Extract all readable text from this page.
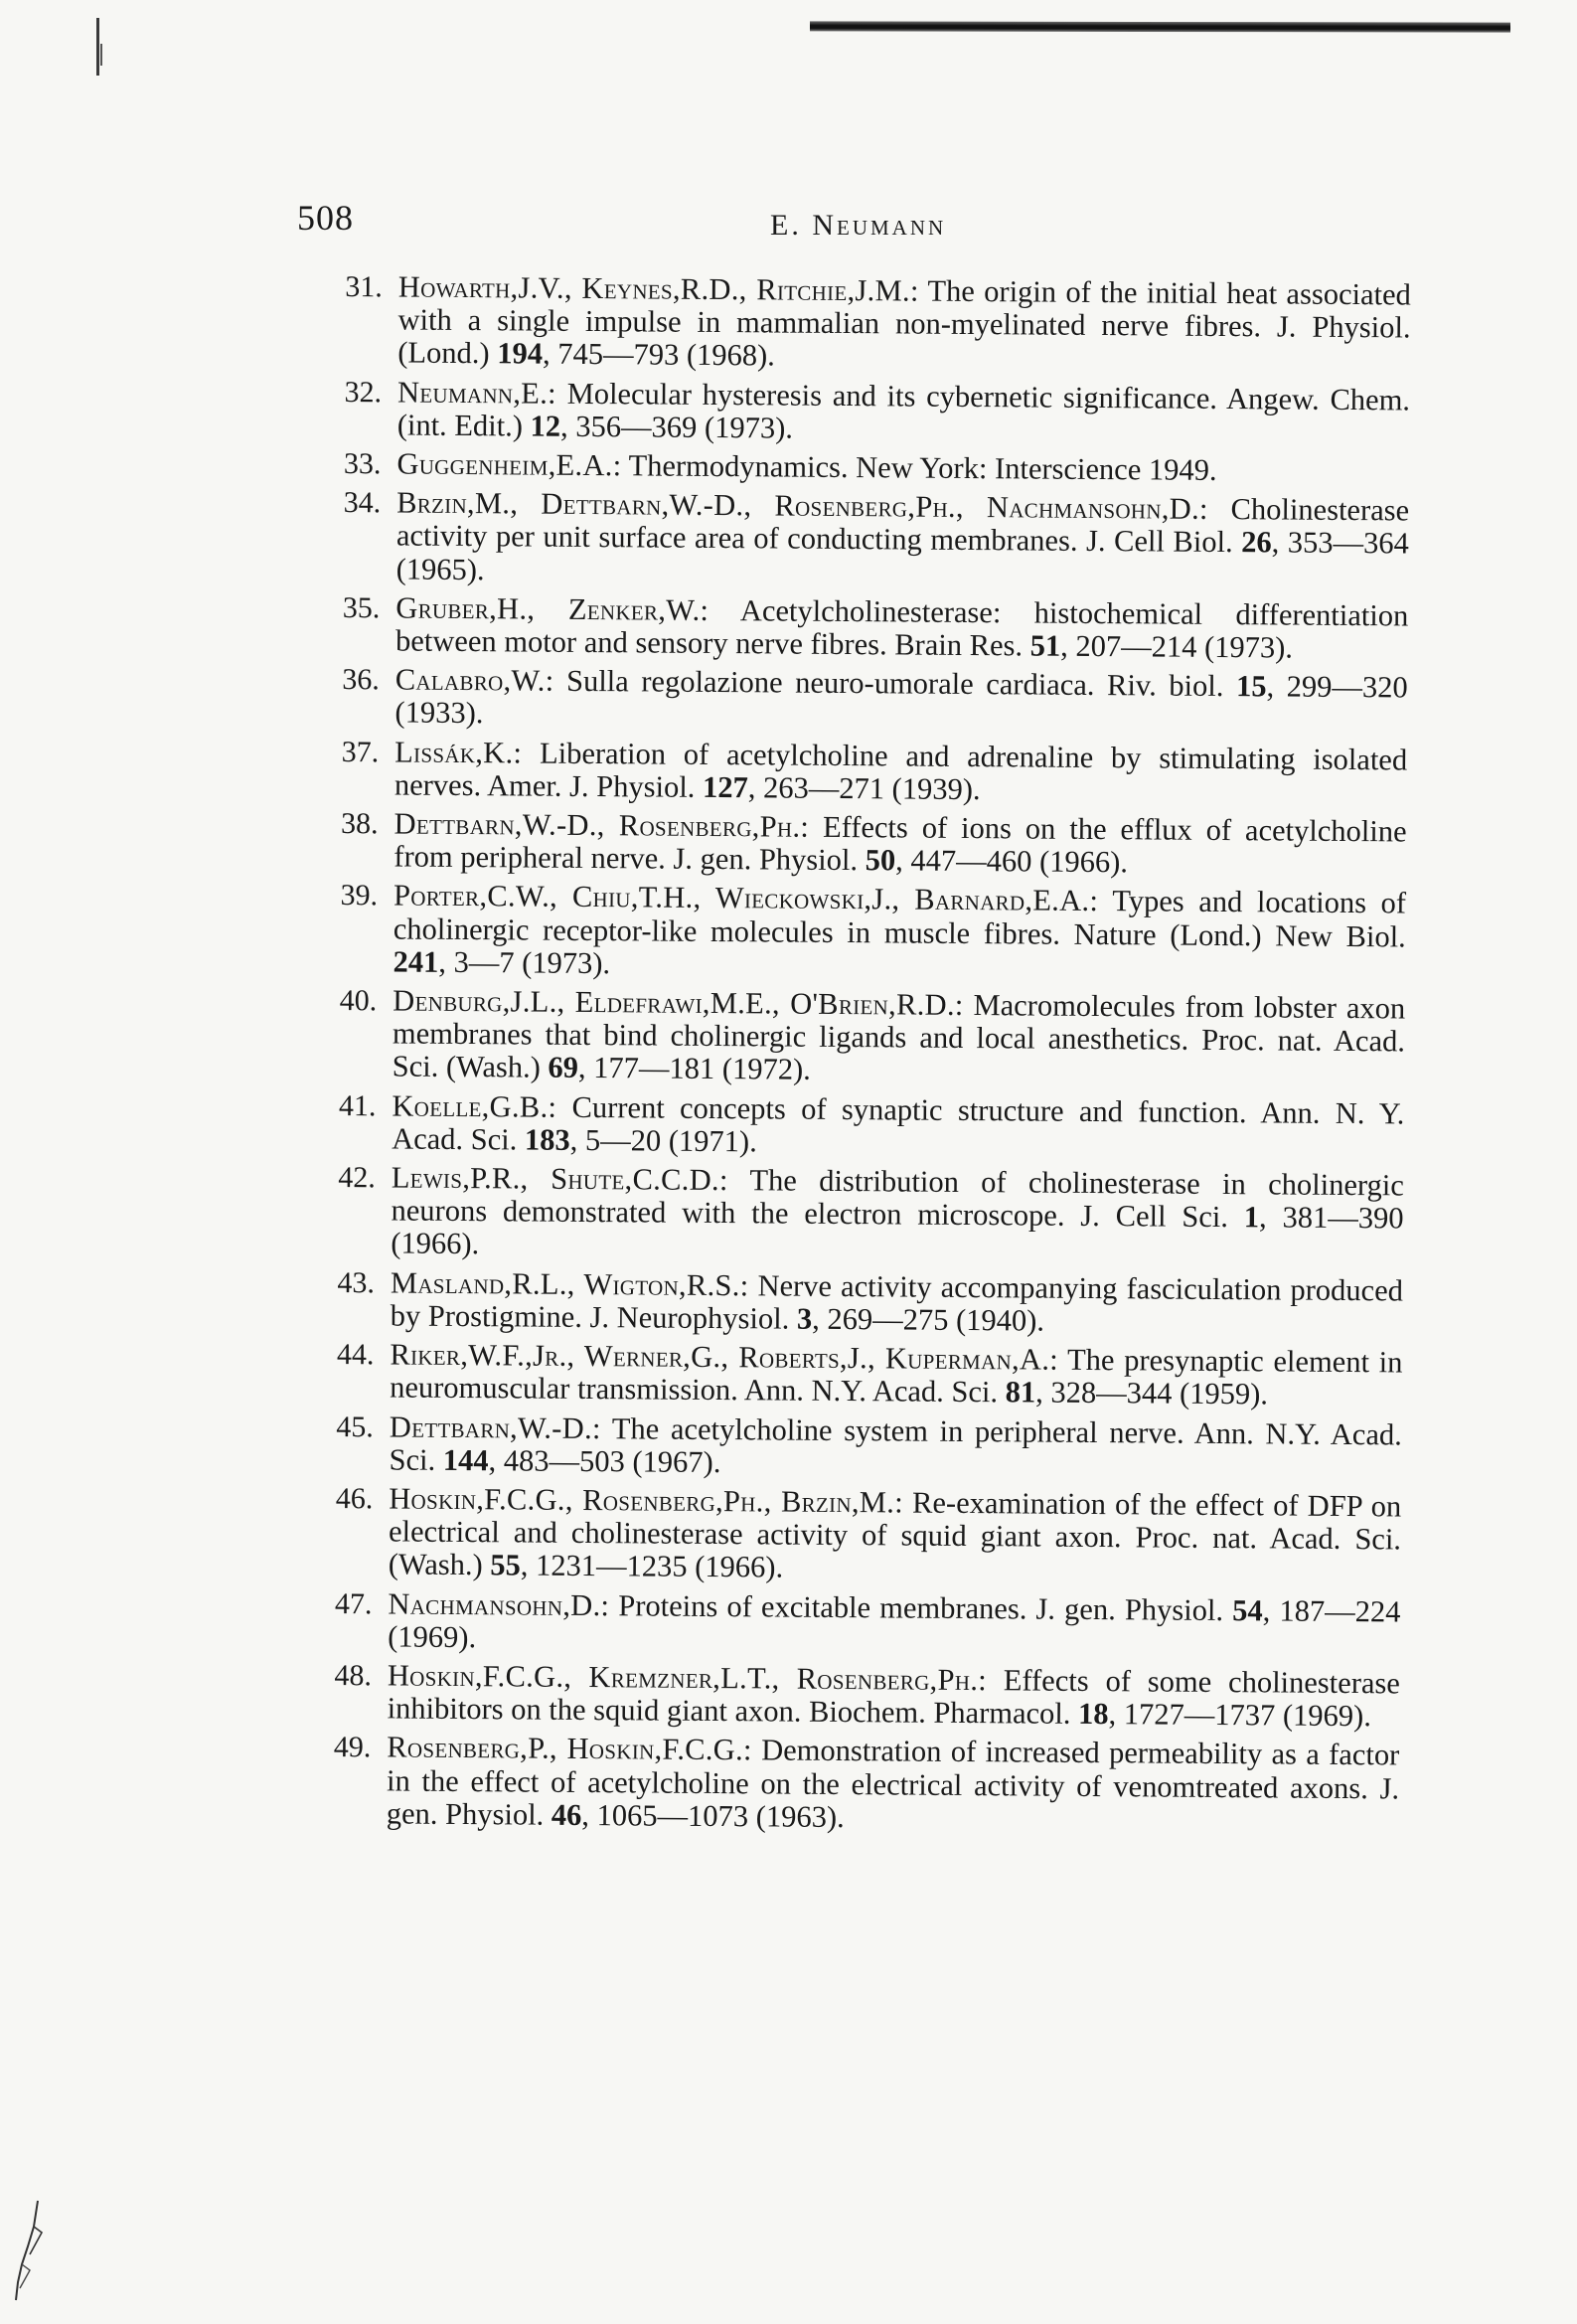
508	E. Neumann
31. Howarth,J.V., Keynes,R.D., Ritchie,J.M.: The origin of the initial heat associated with a single impulse in mammalian non-myelinated nerve fibres. J. Physiol. (Lond.) 194, 745—793 (1968).
32. Neumann,E.: Molecular hysteresis and its cybernetic significance. Angew. Chem. (int. Edit.) 12, 356—369 (1973).
33. Guggenheim,E.A.: Thermodynamics. New York: Interscience 1949.
34. Brzin,M., Dettbarn,W.-D., Rosenberg,Ph., Nachmansohn,D.: Cholinesterase activity per unit surface area of conducting membranes. J. Cell Biol. 26, 353—364 (1965).
35. Gruber,H., Zenker,W.: Acetylcholinesterase: histochemical differentiation between motor and sensory nerve fibres. Brain Res. 51, 207—214 (1973).
36. Calabro,W.: Sulla regolazione neuro-umorale cardiaca. Riv. biol. 15, 299—320 (1933).
37. Lissák,K.: Liberation of acetylcholine and adrenaline by stimulating isolated nerves. Amer. J. Physiol. 127, 263—271 (1939).
38. Dettbarn,W.-D., Rosenberg,Ph.: Effects of ions on the efflux of acetylcholine from peripheral nerve. J. gen. Physiol. 50, 447—460 (1966).
39. Porter,C.W., Chiu,T.H., Wieckowski,J., Barnard,E.A.: Types and locations of cholinergic receptor-like molecules in muscle fibres. Nature (Lond.) New Biol. 241, 3—7 (1973).
40. Denburg,J.L., Eldefrawi,M.E., O'Brien,R.D.: Macromolecules from lobster axon membranes that bind cholinergic ligands and local anesthetics. Proc. nat. Acad. Sci. (Wash.) 69, 177—181 (1972).
41. Koelle,G.B.: Current concepts of synaptic structure and function. Ann. N. Y. Acad. Sci. 183, 5—20 (1971).
42. Lewis,P.R., Shute,C.C.D.: The distribution of cholinesterase in cholinergic neurons demonstrated with the electron microscope. J. Cell Sci. 1, 381—390 (1966).
43. Masland,R.L., Wigton,R.S.: Nerve activity accompanying fasciculation produced by Prostigmine. J. Neurophysiol. 3, 269—275 (1940).
44. Riker,W.F.,Jr., Werner,G., Roberts,J., Kuperman,A.: The presynaptic element in neuromuscular transmission. Ann. N.Y. Acad. Sci. 81, 328—344 (1959).
45. Dettbarn,W.-D.: The acetylcholine system in peripheral nerve. Ann. N.Y. Acad. Sci. 144, 483—503 (1967).
46. Hoskin,F.C.G., Rosenberg,Ph., Brzin,M.: Re-examination of the effect of DFP on electrical and cholinesterase activity of squid giant axon. Proc. nat. Acad. Sci. (Wash.) 55, 1231—1235 (1966).
47. Nachmansohn,D.: Proteins of excitable membranes. J. gen. Physiol. 54, 187—224 (1969).
48. Hoskin,F.C.G., Kremzner,L.T., Rosenberg,Ph.: Effects of some cholinesterase inhibitors on the squid giant axon. Biochem. Pharmacol. 18, 1727—1737 (1969).
49. Rosenberg,P., Hoskin,F.C.G.: Demonstration of increased permeability as a factor in the effect of acetylcholine on the electrical activity of venomtreated axons. J. gen. Physiol. 46, 1065—1073 (1963).
